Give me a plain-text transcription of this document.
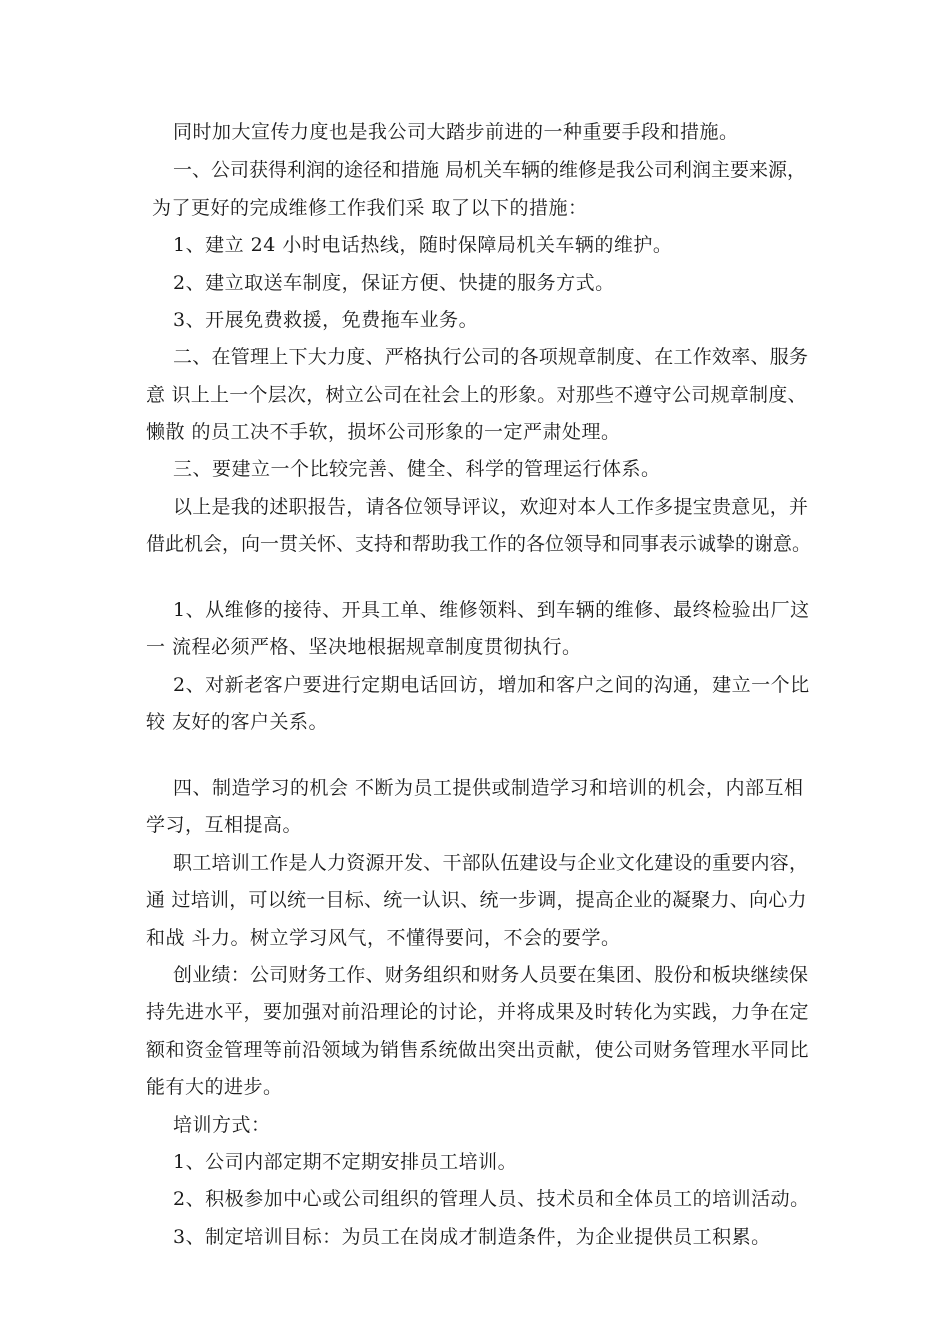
同时加大宣传力度也是我公司大踏步前进的一种重要手段和措施。
一、公司获得利润的途径和措施 局机关车辆的维修是我公司利润主要来源，
为了更好的完成维修工作我们采 取了以下的措施：
1、建立 24 小时电话热线，随时保障局机关车辆的维护。
2、建立取送车制度，保证方便、快捷的服务方式。
3、开展免费救援，免费拖车业务。
二、在管理上下大力度、严格执行公司的各项规章制度、在工作效率、服务
意 识上上一个层次，树立公司在社会上的形象。对那些不遵守公司规章制度、
懒散 的员工决不手软，损坏公司形象的一定严肃处理。
三、要建立一个比较完善、健全、科学的管理运行体系。
以上是我的述职报告，请各位领导评议，欢迎对本人工作多提宝贵意见，并
借此机会，向一贯关怀、支持和帮助我工作的各位领导和同事表示诚挚的谢意。
1、从维修的接待、开具工单、维修领料、到车辆的维修、最终检验出厂这
一 流程必须严格、坚决地根据规章制度贯彻执行。
2、对新老客户要进行定期电话回访，增加和客户之间的沟通，建立一个比
较 友好的客户关系。
四、制造学习的机会 不断为员工提供或制造学习和培训的机会，内部互相
学习，互相提高。
职工培训工作是人力资源开发、干部队伍建设与企业文化建设的重要内容，
通 过培训，可以统一目标、统一认识、统一步调，提高企业的凝聚力、向心力
和战 斗力。树立学习风气，不懂得要问，不会的要学。
创业绩：公司财务工作、财务组织和财务人员要在集团、股份和板块继续保
持先进水平，要加强对前沿理论的讨论，并将成果及时转化为实践，力争在定
额和资金管理等前沿领域为销售系统做出突出贡献，使公司财务管理水平同比
能有大的进步。
培训方式：
1、公司内部定期不定期安排员工培训。
2、积极参加中心或公司组织的管理人员、技术员和全体员工的培训活动。
3、制定培训目标：为员工在岗成才制造条件，为企业提供员工积累。
